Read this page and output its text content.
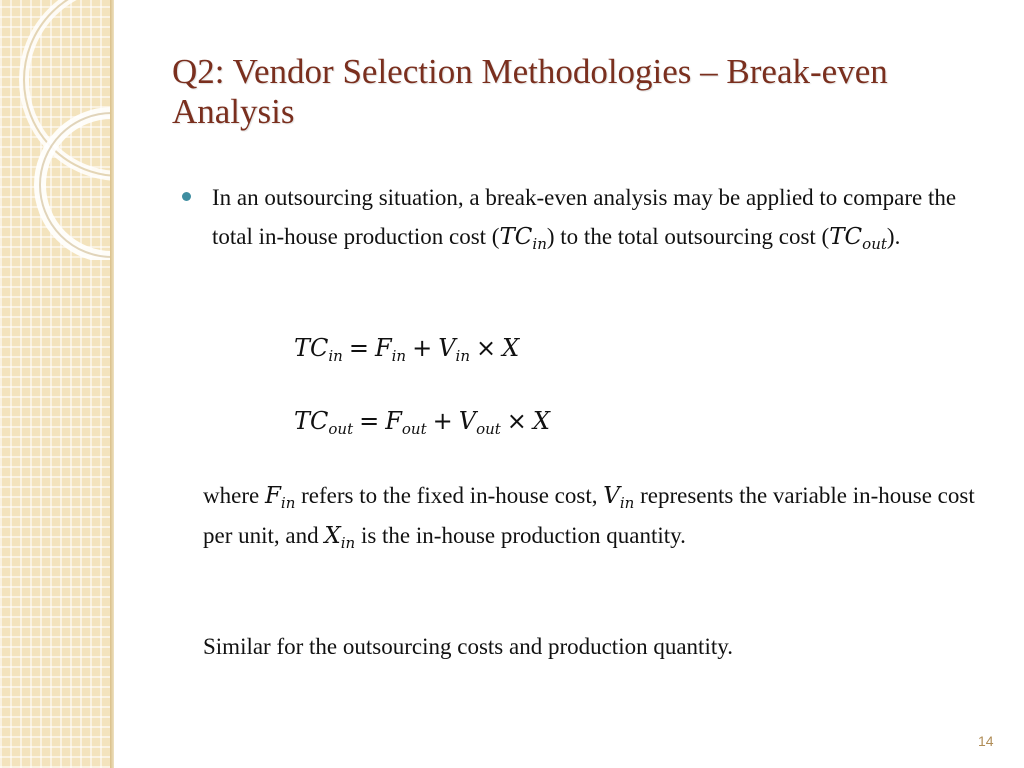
Q2: Vendor Selection Methodologies – Break-even Analysis
In an outsourcing situation, a break-even analysis may be applied to compare the total in-house production cost $(TC_{in})$ to the total outsourcing cost $(TC_{out})$.
$TC_{in} = F_{in} + V_{in} \times X$
$TC_{out} = F_{out} + V_{out} \times X$
where $F_{in}$ refers to the fixed in-house cost, $V_{in}$ represents the variable in-house cost per unit, and $X_{in}$ is the in-house production quantity.
Similar for the outsourcing costs and production quantity.
14
